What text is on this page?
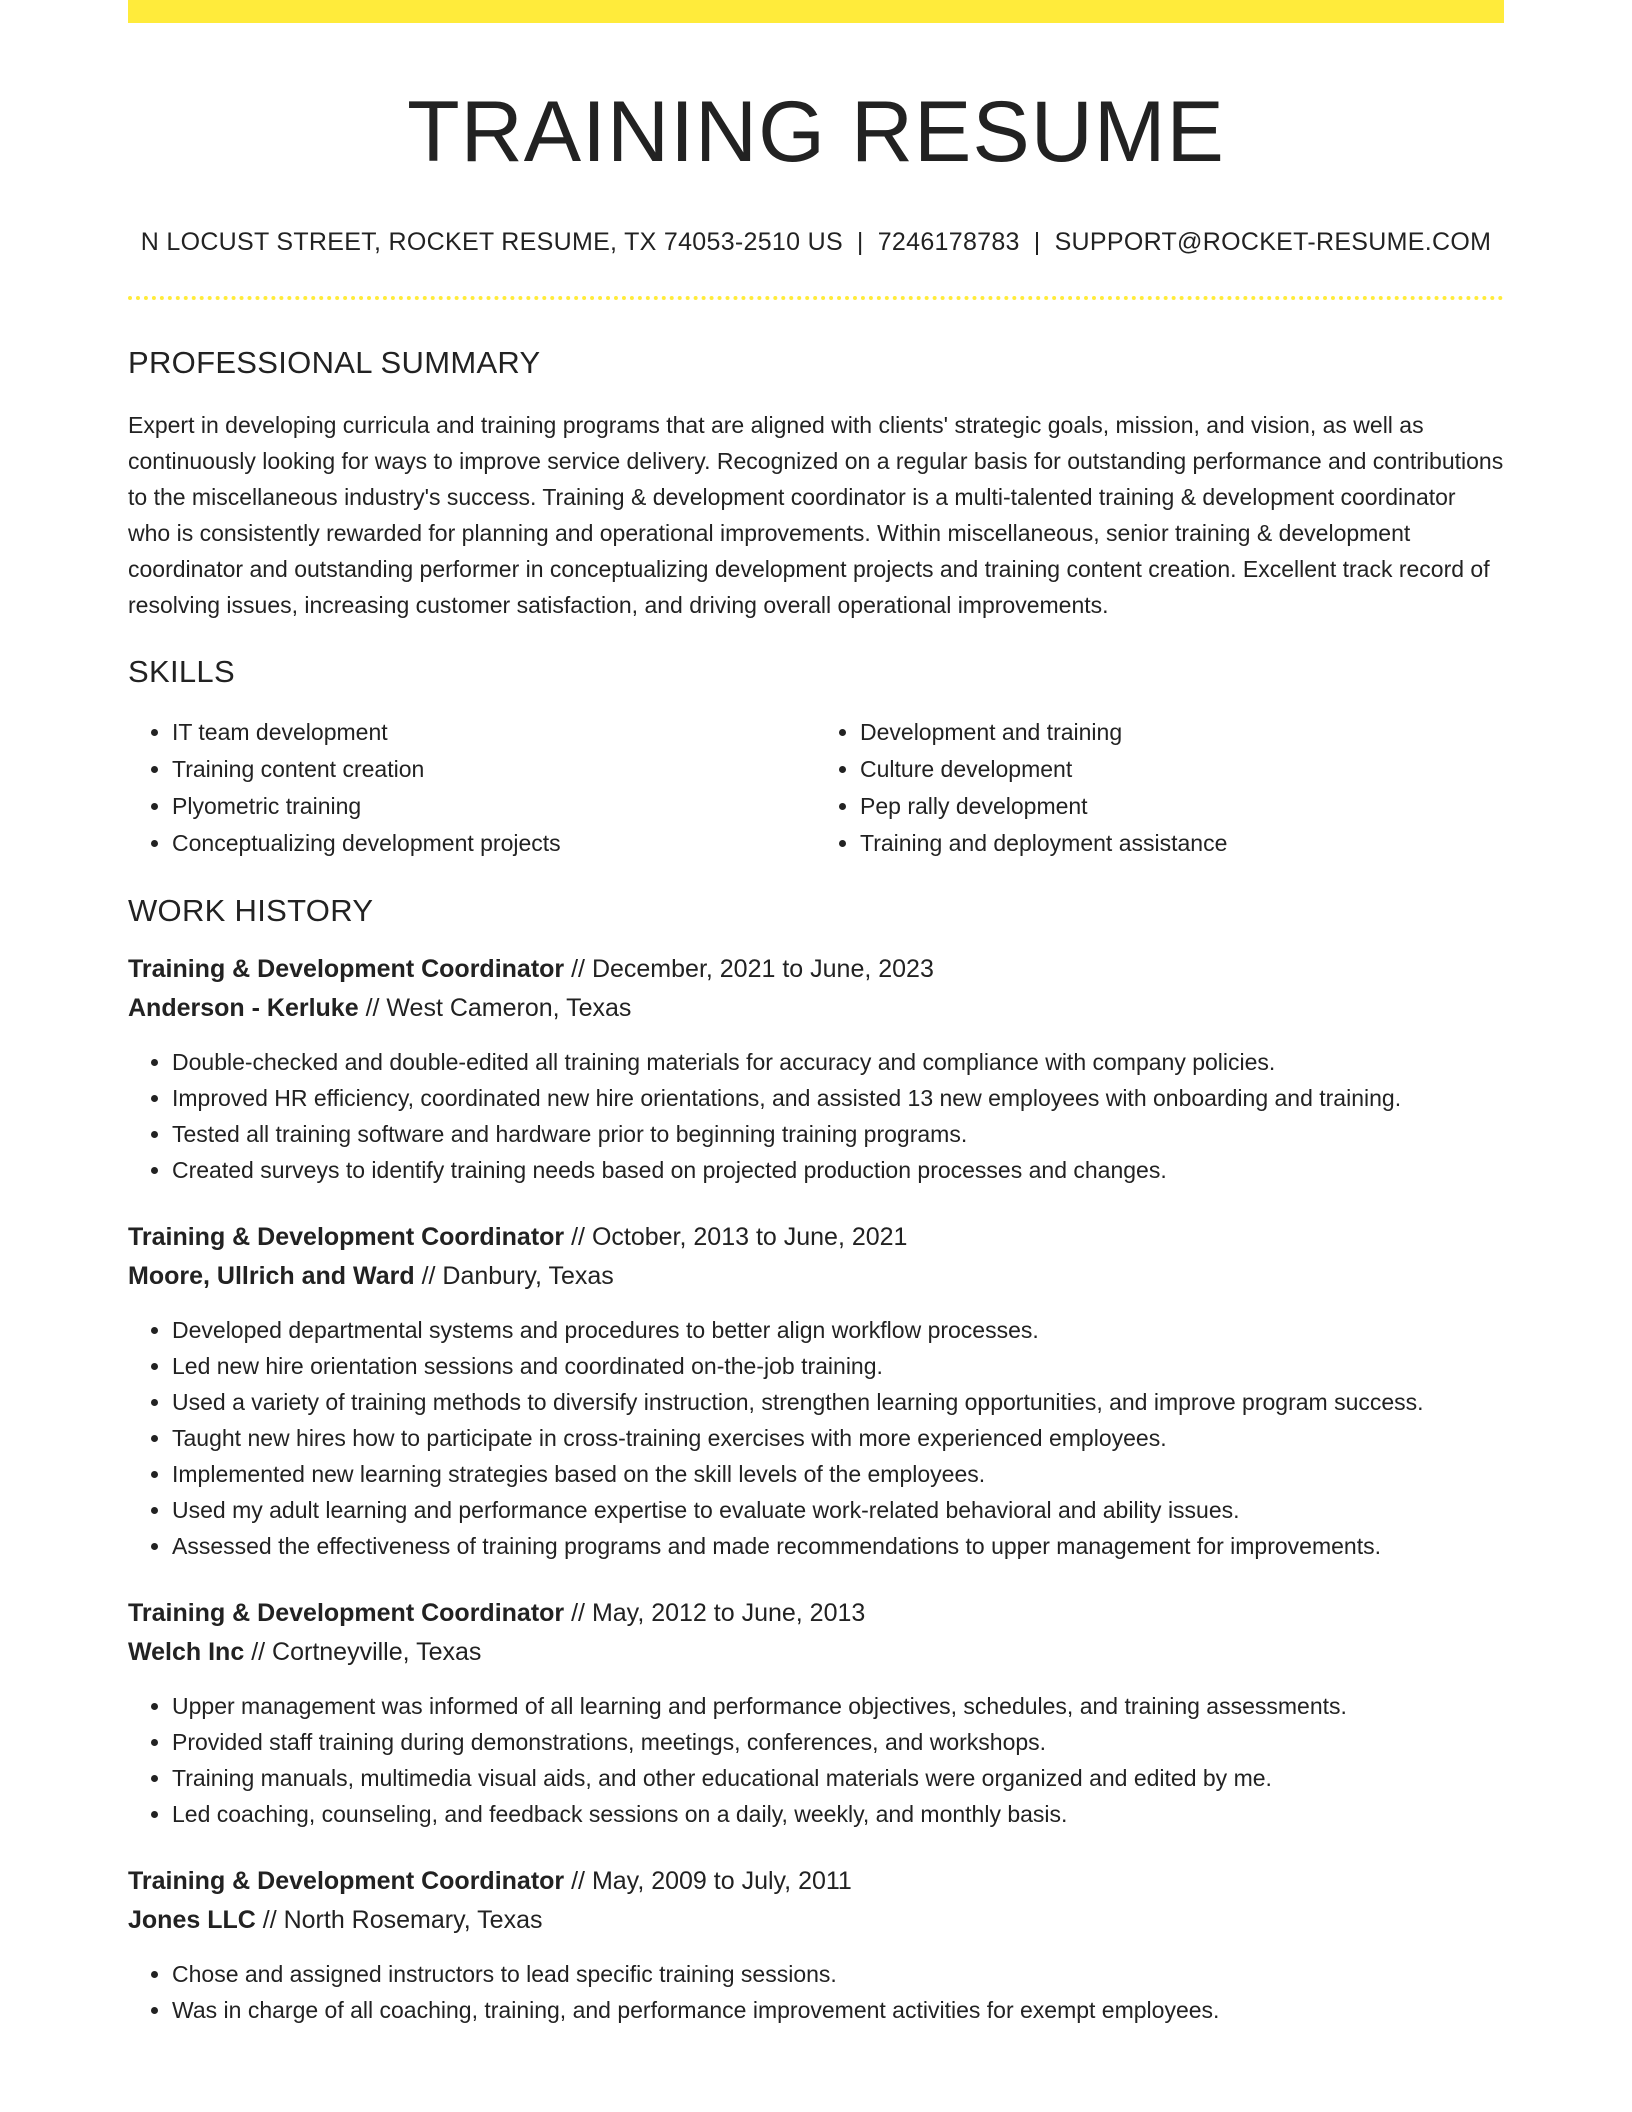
TRAINING RESUME
N LOCUST STREET, ROCKET RESUME, TX 74053-2510 US | 7246178783 | SUPPORT@ROCKET-RESUME.COM
PROFESSIONAL SUMMARY

Expert in developing curricula and training programs that are aligned with clients' strategic goals, mission, and vision, as well as continuously looking for ways to improve service delivery. Recognized on a regular basis for outstanding performance and contributions to the miscellaneous industry's success. Training & development coordinator is a multi-talented training & development coordinator who is consistently rewarded for planning and operational improvements. Within miscellaneous, senior training & development coordinator and outstanding performer in conceptualizing development projects and training content creation. Excellent track record of resolving issues, increasing customer satisfaction, and driving overall operational improvements.

SKILLS
• IT team development
• Training content creation
• Plyometric training
• Conceptualizing development projects
• Development and training
• Culture development
• Pep rally development
• Training and deployment assistance
WORK HISTORY
Training & Development Coordinator // December, 2021 to June, 2023
Anderson - Kerluke // West Cameron, Texas
• Double-checked and double-edited all training materials for accuracy and compliance with company policies.
• Improved HR efficiency, coordinated new hire orientations, and assisted 13 new employees with onboarding and training.
• Tested all training software and hardware prior to beginning training programs.
• Created surveys to identify training needs based on projected production processes and changes.
Training & Development Coordinator // October, 2013 to June, 2021
Moore, Ullrich and Ward // Danbury, Texas
• Developed departmental systems and procedures to better align workflow processes.
• Led new hire orientation sessions and coordinated on-the-job training.
• Used a variety of training methods to diversify instruction, strengthen learning opportunities, and improve program success.
• Taught new hires how to participate in cross-training exercises with more experienced employees.
• Implemented new learning strategies based on the skill levels of the employees.
• Used my adult learning and performance expertise to evaluate work-related behavioral and ability issues.
• Assessed the effectiveness of training programs and made recommendations to upper management for improvements.
Training & Development Coordinator // May, 2012 to June, 2013
Welch Inc // Cortneyville, Texas
• Upper management was informed of all learning and performance objectives, schedules, and training assessments.
• Provided staff training during demonstrations, meetings, conferences, and workshops.
• Training manuals, multimedia visual aids, and other educational materials were organized and edited by me.
• Led coaching, counseling, and feedback sessions on a daily, weekly, and monthly basis.
Training & Development Coordinator // May, 2009 to July, 2011
Jones LLC // North Rosemary, Texas
• Chose and assigned instructors to lead specific training sessions.
• Was in charge of all coaching, training, and performance improvement activities for exempt employees.
